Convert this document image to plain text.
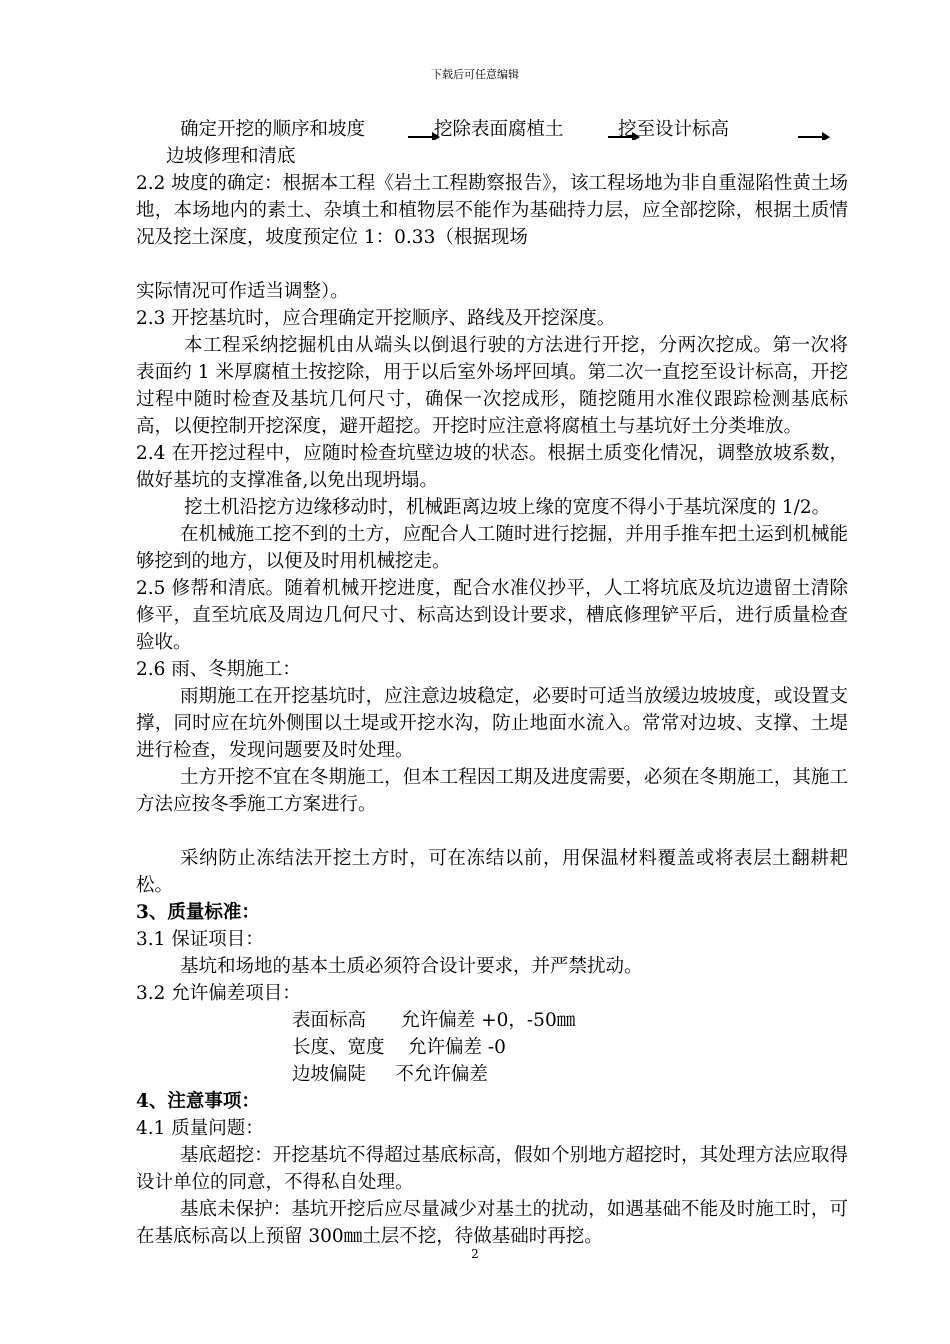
下载后可任意编辑
确定开挖的顺序和坡度	挖除表面腐植土	挖至设计标高
边坡修理和清底

2.2 坡度的确定：根据本工程《岩土工程勘察报告》，该工程场地为非自重湿陷性黄土场地，本场地内的素土、杂填土和植物层不能作为基础持力层，应全部挖除，根据土质情况及挖土深度，坡度预定位 1：0.33（根据现场

实际情况可作适当调整）。

2.3 开挖基坑时，应合理确定开挖顺序、路线及开挖深度。

本工程采纳挖掘机由从端头以倒退行驶的方法进行开挖，分两次挖成。第一次将表面约 1 米厚腐植土按挖除，用于以后室外场坪回填。第二次一直挖至设计标高，开挖过程中随时检查及基坑几何尺寸，确保一次挖成形，随挖随用水准仪跟踪检测基底标高，以便控制开挖深度，避开超挖。开挖时应注意将腐植土与基坑好土分类堆放。

2.4 在开挖过程中，应随时检查坑壁边坡的状态。根据土质变化情况，调整放坡系数，做好基坑的支撑准备,以免出现坍塌。

挖土机沿挖方边缘移动时，机械距离边坡上缘的宽度不得小于基坑深度的 1/2。

在机械施工挖不到的土方，应配合人工随时进行挖掘，并用手推车把土运到机械能够挖到的地方，以便及时用机械挖走。

2.5 修帮和清底。随着机械开挖进度，配合水准仪抄平，人工将坑底及坑边遗留土清除修平，直至坑底及周边几何尺寸、标高达到设计要求，槽底修理铲平后，进行质量检查验收。

2.6 雨、冬期施工：

雨期施工在开挖基坑时，应注意边坡稳定，必要时可适当放缓边坡坡度，或设置支撑，同时应在坑外侧围以土堤或开挖水沟，防止地面水流入。常常对边坡、支撑、土堤进行检查，发现问题要及时处理。

土方开挖不宜在冬期施工，但本工程因工期及进度需要，必须在冬期施工，其施工方法应按冬季施工方案进行。

采纳防止冻结法开挖土方时，可在冻结以前，用保温材料覆盖或将表层土翻耕耙松。

3、质量标准：

3.1 保证项目：

基坑和场地的基本土质必须符合设计要求，并严禁扰动。

3.2 允许偏差项目：

表面标高      允许偏差 +0，-50㎜

长度、宽度    允许偏差 -0

边坡偏陡     不允许偏差

4、注意事项：

4.1 质量问题：

基底超挖：开挖基坑不得超过基底标高，假如个别地方超挖时，其处理方法应取得设计单位的同意，不得私自处理。

基底未保护：基坑开挖后应尽量减少对基土的扰动，如遇基础不能及时施工时，可在基底标高以上预留 300㎜土层不挖，待做基础时再挖。

2
